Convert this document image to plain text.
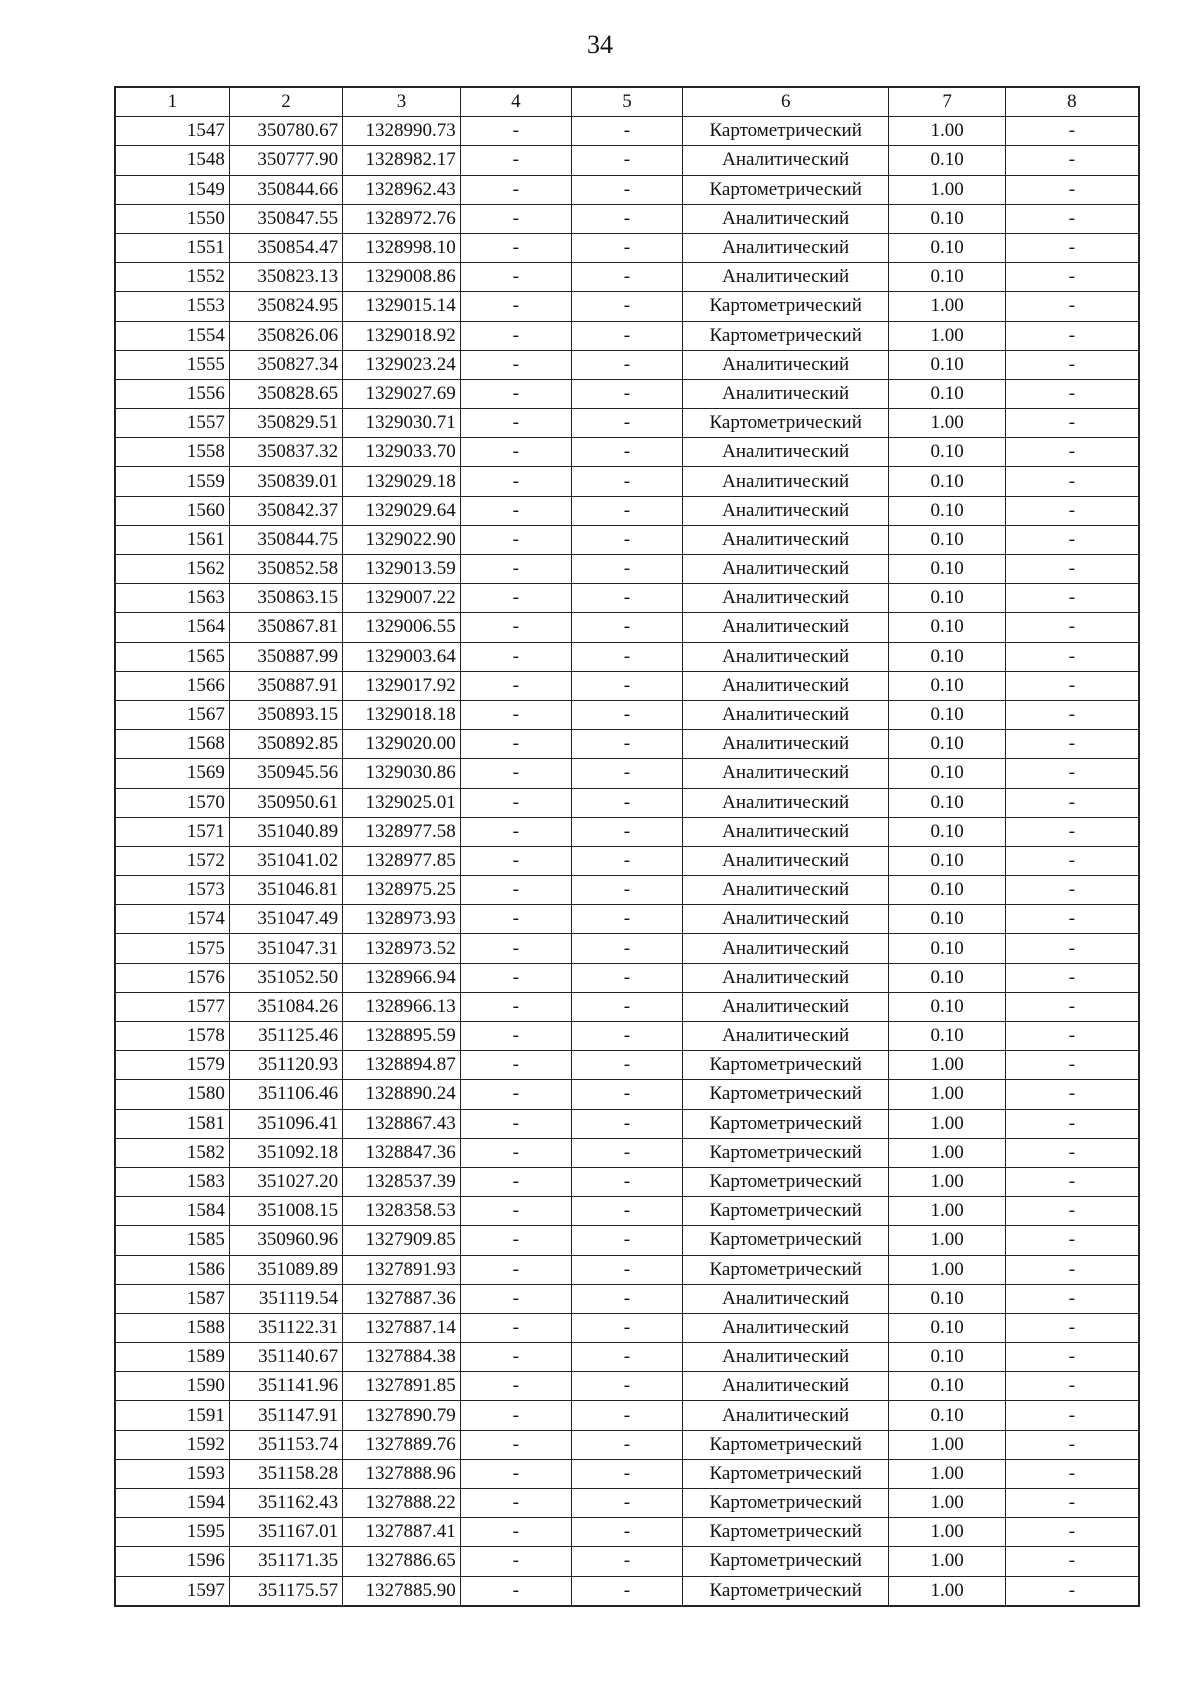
34
1	2	3	4	5	6	7	8
1547	350780.67	1328990.73	-	-	Картометрический	1.00	-
1548	350777.90	1328982.17	-	-	Аналитический	0.10	-
1549	350844.66	1328962.43	-	-	Картометрический	1.00	-
1550	350847.55	1328972.76	-	-	Аналитический	0.10	-
1551	350854.47	1328998.10	-	-	Аналитический	0.10	-
1552	350823.13	1329008.86	-	-	Аналитический	0.10	-
1553	350824.95	1329015.14	-	-	Картометрический	1.00	-
1554	350826.06	1329018.92	-	-	Картометрический	1.00	-
1555	350827.34	1329023.24	-	-	Аналитический	0.10	-
1556	350828.65	1329027.69	-	-	Аналитический	0.10	-
1557	350829.51	1329030.71	-	-	Картометрический	1.00	-
1558	350837.32	1329033.70	-	-	Аналитический	0.10	-
1559	350839.01	1329029.18	-	-	Аналитический	0.10	-
1560	350842.37	1329029.64	-	-	Аналитический	0.10	-
1561	350844.75	1329022.90	-	-	Аналитический	0.10	-
1562	350852.58	1329013.59	-	-	Аналитический	0.10	-
1563	350863.15	1329007.22	-	-	Аналитический	0.10	-
1564	350867.81	1329006.55	-	-	Аналитический	0.10	-
1565	350887.99	1329003.64	-	-	Аналитический	0.10	-
1566	350887.91	1329017.92	-	-	Аналитический	0.10	-
1567	350893.15	1329018.18	-	-	Аналитический	0.10	-
1568	350892.85	1329020.00	-	-	Аналитический	0.10	-
1569	350945.56	1329030.86	-	-	Аналитический	0.10	-
1570	350950.61	1329025.01	-	-	Аналитический	0.10	-
1571	351040.89	1328977.58	-	-	Аналитический	0.10	-
1572	351041.02	1328977.85	-	-	Аналитический	0.10	-
1573	351046.81	1328975.25	-	-	Аналитический	0.10	-
1574	351047.49	1328973.93	-	-	Аналитический	0.10	-
1575	351047.31	1328973.52	-	-	Аналитический	0.10	-
1576	351052.50	1328966.94	-	-	Аналитический	0.10	-
1577	351084.26	1328966.13	-	-	Аналитический	0.10	-
1578	351125.46	1328895.59	-	-	Аналитический	0.10	-
1579	351120.93	1328894.87	-	-	Картометрический	1.00	-
1580	351106.46	1328890.24	-	-	Картометрический	1.00	-
1581	351096.41	1328867.43	-	-	Картометрический	1.00	-
1582	351092.18	1328847.36	-	-	Картометрический	1.00	-
1583	351027.20	1328537.39	-	-	Картометрический	1.00	-
1584	351008.15	1328358.53	-	-	Картометрический	1.00	-
1585	350960.96	1327909.85	-	-	Картометрический	1.00	-
1586	351089.89	1327891.93	-	-	Картометрический	1.00	-
1587	351119.54	1327887.36	-	-	Аналитический	0.10	-
1588	351122.31	1327887.14	-	-	Аналитический	0.10	-
1589	351140.67	1327884.38	-	-	Аналитический	0.10	-
1590	351141.96	1327891.85	-	-	Аналитический	0.10	-
1591	351147.91	1327890.79	-	-	Аналитический	0.10	-
1592	351153.74	1327889.76	-	-	Картометрический	1.00	-
1593	351158.28	1327888.96	-	-	Картометрический	1.00	-
1594	351162.43	1327888.22	-	-	Картометрический	1.00	-
1595	351167.01	1327887.41	-	-	Картометрический	1.00	-
1596	351171.35	1327886.65	-	-	Картометрический	1.00	-
1597	351175.57	1327885.90	-	-	Картометрический	1.00	-
